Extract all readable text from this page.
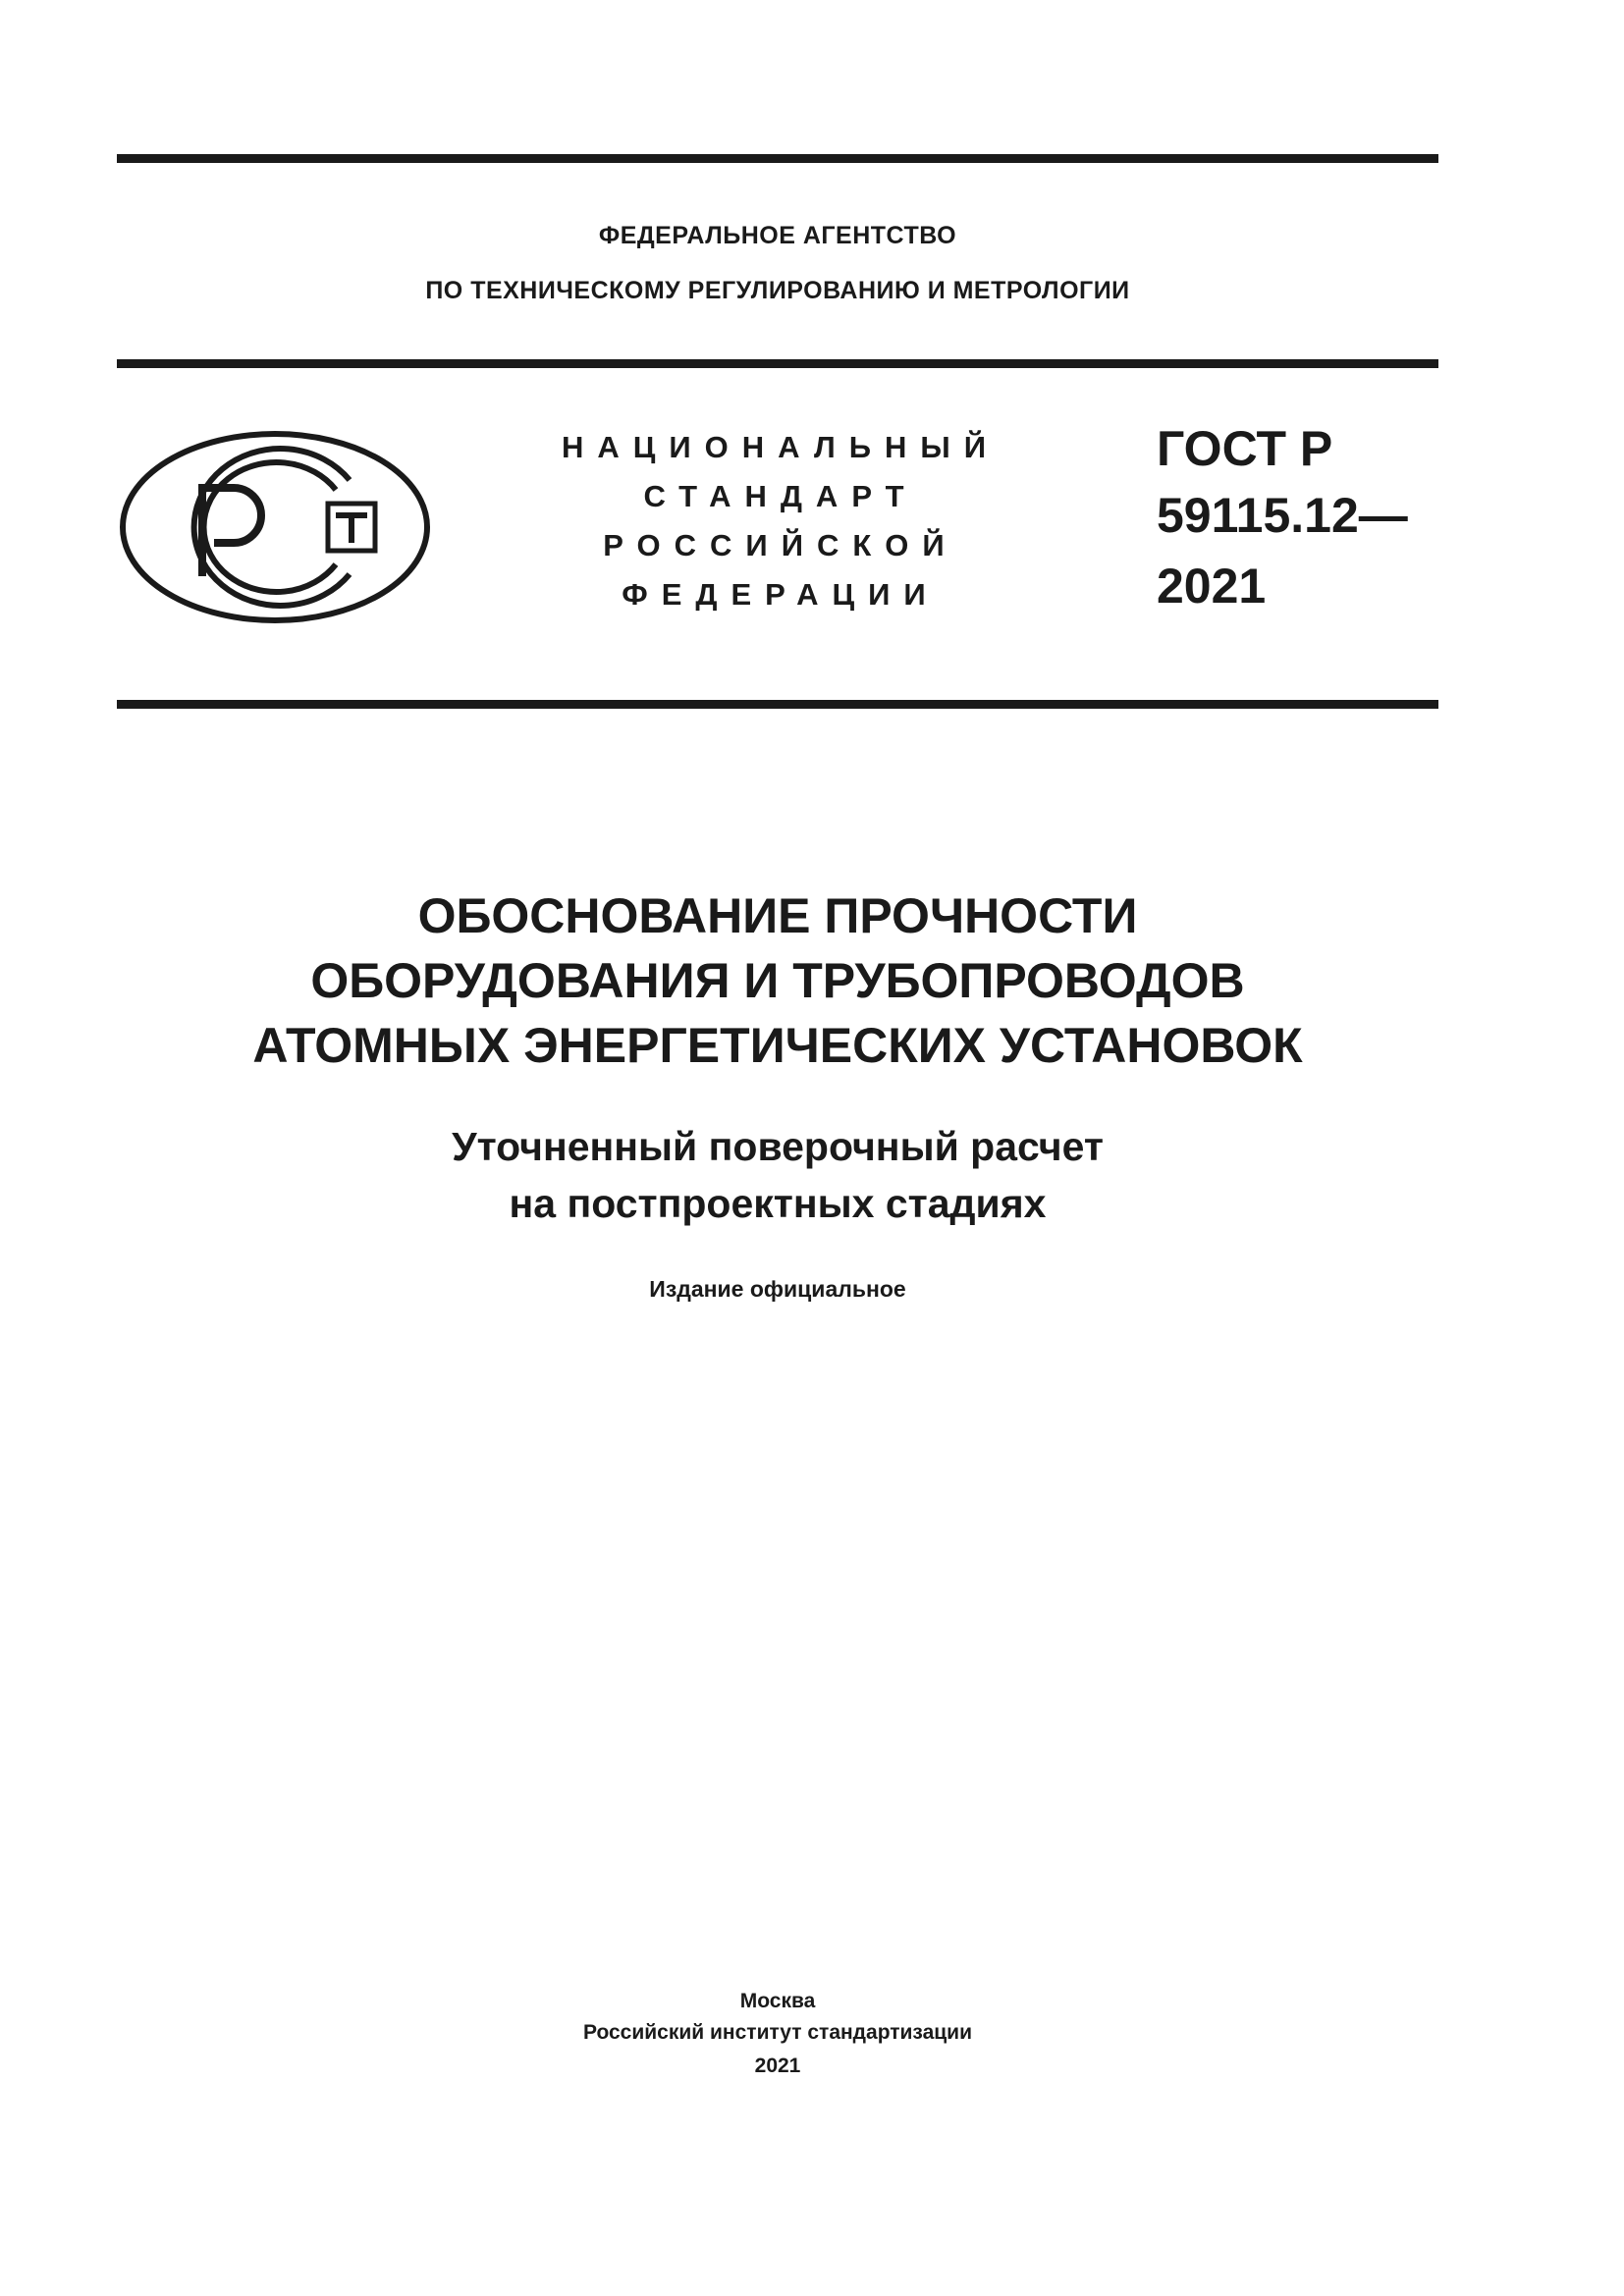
ФЕДЕРАЛЬНОЕ АГЕНТСТВО
ПО ТЕХНИЧЕСКОМУ РЕГУЛИРОВАНИЮ И МЕТРОЛОГИИ
НАЦИОНАЛЬНЫЙ
СТАНДАРТ
РОССИЙСКОЙ
ФЕДЕРАЦИИ
ГОСТ Р
59115.12—
2021
ОБОСНОВАНИЕ ПРОЧНОСТИ
ОБОРУДОВАНИЯ И ТРУБОПРОВОДОВ
АТОМНЫХ ЭНЕРГЕТИЧЕСКИХ УСТАНОВОК
Уточненный поверочный расчет
на постпроектных стадиях
Издание официальное
Москва
Российский институт стандартизации
2021
